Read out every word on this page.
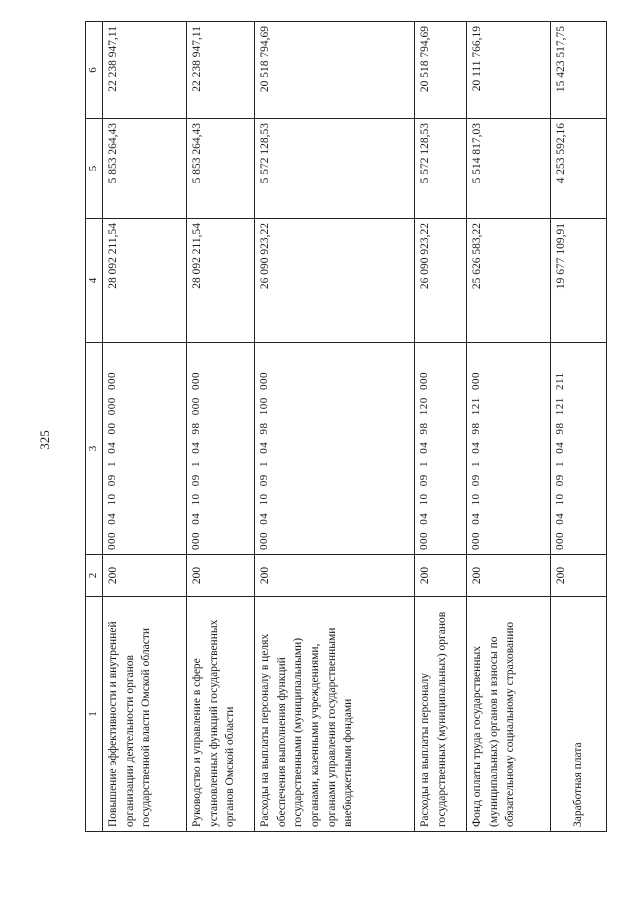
325
1	2	3	4	5	6
Повышение эффективности и внутренней организации деятельности органов государственной власти Омской области	200	000 04 10 09 1 04 00 000 000	28 092 211,54	5 853 264,43	22 238 947,11
Руководство и управление в сфере установленных функций государственных органов Омской области	200	000 04 10 09 1 04 98 000 000	28 092 211,54	5 853 264,43	22 238 947,11
Расходы на выплаты персоналу в целях обеспечения выполнения функций государственными (муниципальными) органами, казенными учреждениями, органами управления государственными внебюджетными фондами	200	000 04 10 09 1 04 98 100 000	26 090 923,22	5 572 128,53	20 518 794,69
Расходы на выплаты персоналу государственных (муниципальных) органов	200	000 04 10 09 1 04 98 120 000	26 090 923,22	5 572 128,53	20 518 794,69
Фонд оплаты труда государственных (муниципальных) органов и взносы по обязательному социальному страхованию	200	000 04 10 09 1 04 98 121 000	25 626 583,22	5 514 817,03	20 111 766,19
Заработная плата	200	000 04 10 09 1 04 98 121 211	19 677 109,91	4 253 592,16	15 423 517,75
